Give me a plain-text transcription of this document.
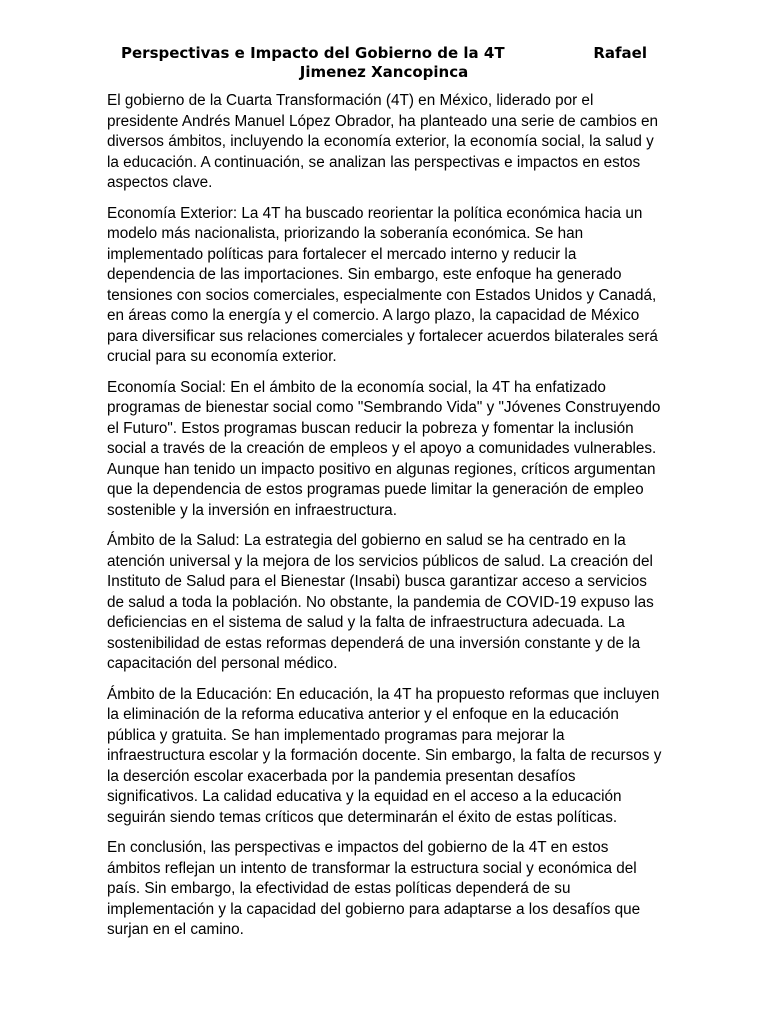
Perspectivas e Impacto del Gobierno de la 4T                 Rafael Jimenez Xancopinca

El gobierno de la Cuarta Transformación (4T) en México, liderado por el presidente Andrés Manuel López Obrador, ha planteado una serie de cambios en diversos ámbitos, incluyendo la economía exterior, la economía social, la salud y la educación. A continuación, se analizan las perspectivas e impactos en estos aspectos clave.

Economía Exterior: La 4T ha buscado reorientar la política económica hacia un modelo más nacionalista, priorizando la soberanía económica. Se han implementado políticas para fortalecer el mercado interno y reducir la dependencia de las importaciones. Sin embargo, este enfoque ha generado tensiones con socios comerciales, especialmente con Estados Unidos y Canadá, en áreas como la energía y el comercio. A largo plazo, la capacidad de México para diversificar sus relaciones comerciales y fortalecer acuerdos bilaterales será crucial para su economía exterior.

Economía Social: En el ámbito de la economía social, la 4T ha enfatizado programas de bienestar social como "Sembrando Vida" y "Jóvenes Construyendo el Futuro". Estos programas buscan reducir la pobreza y fomentar la inclusión social a través de la creación de empleos y el apoyo a comunidades vulnerables. Aunque han tenido un impacto positivo en algunas regiones, críticos argumentan que la dependencia de estos programas puede limitar la generación de empleo sostenible y la inversión en infraestructura.

Ámbito de la Salud: La estrategia del gobierno en salud se ha centrado en la atención universal y la mejora de los servicios públicos de salud. La creación del Instituto de Salud para el Bienestar (Insabi) busca garantizar acceso a servicios de salud a toda la población. No obstante, la pandemia de COVID-19 expuso las deficiencias en el sistema de salud y la falta de infraestructura adecuada. La sostenibilidad de estas reformas dependerá de una inversión constante y de la capacitación del personal médico.

Ámbito de la Educación: En educación, la 4T ha propuesto reformas que incluyen la eliminación de la reforma educativa anterior y el enfoque en la educación pública y gratuita. Se han implementado programas para mejorar la infraestructura escolar y la formación docente. Sin embargo, la falta de recursos y la deserción escolar exacerbada por la pandemia presentan desafíos significativos. La calidad educativa y la equidad en el acceso a la educación seguirán siendo temas críticos que determinarán el éxito de estas políticas.

En conclusión, las perspectivas e impactos del gobierno de la 4T en estos ámbitos reflejan un intento de transformar la estructura social y económica del país. Sin embargo, la efectividad de estas políticas dependerá de su implementación y la capacidad del gobierno para adaptarse a los desafíos que surjan en el camino.
